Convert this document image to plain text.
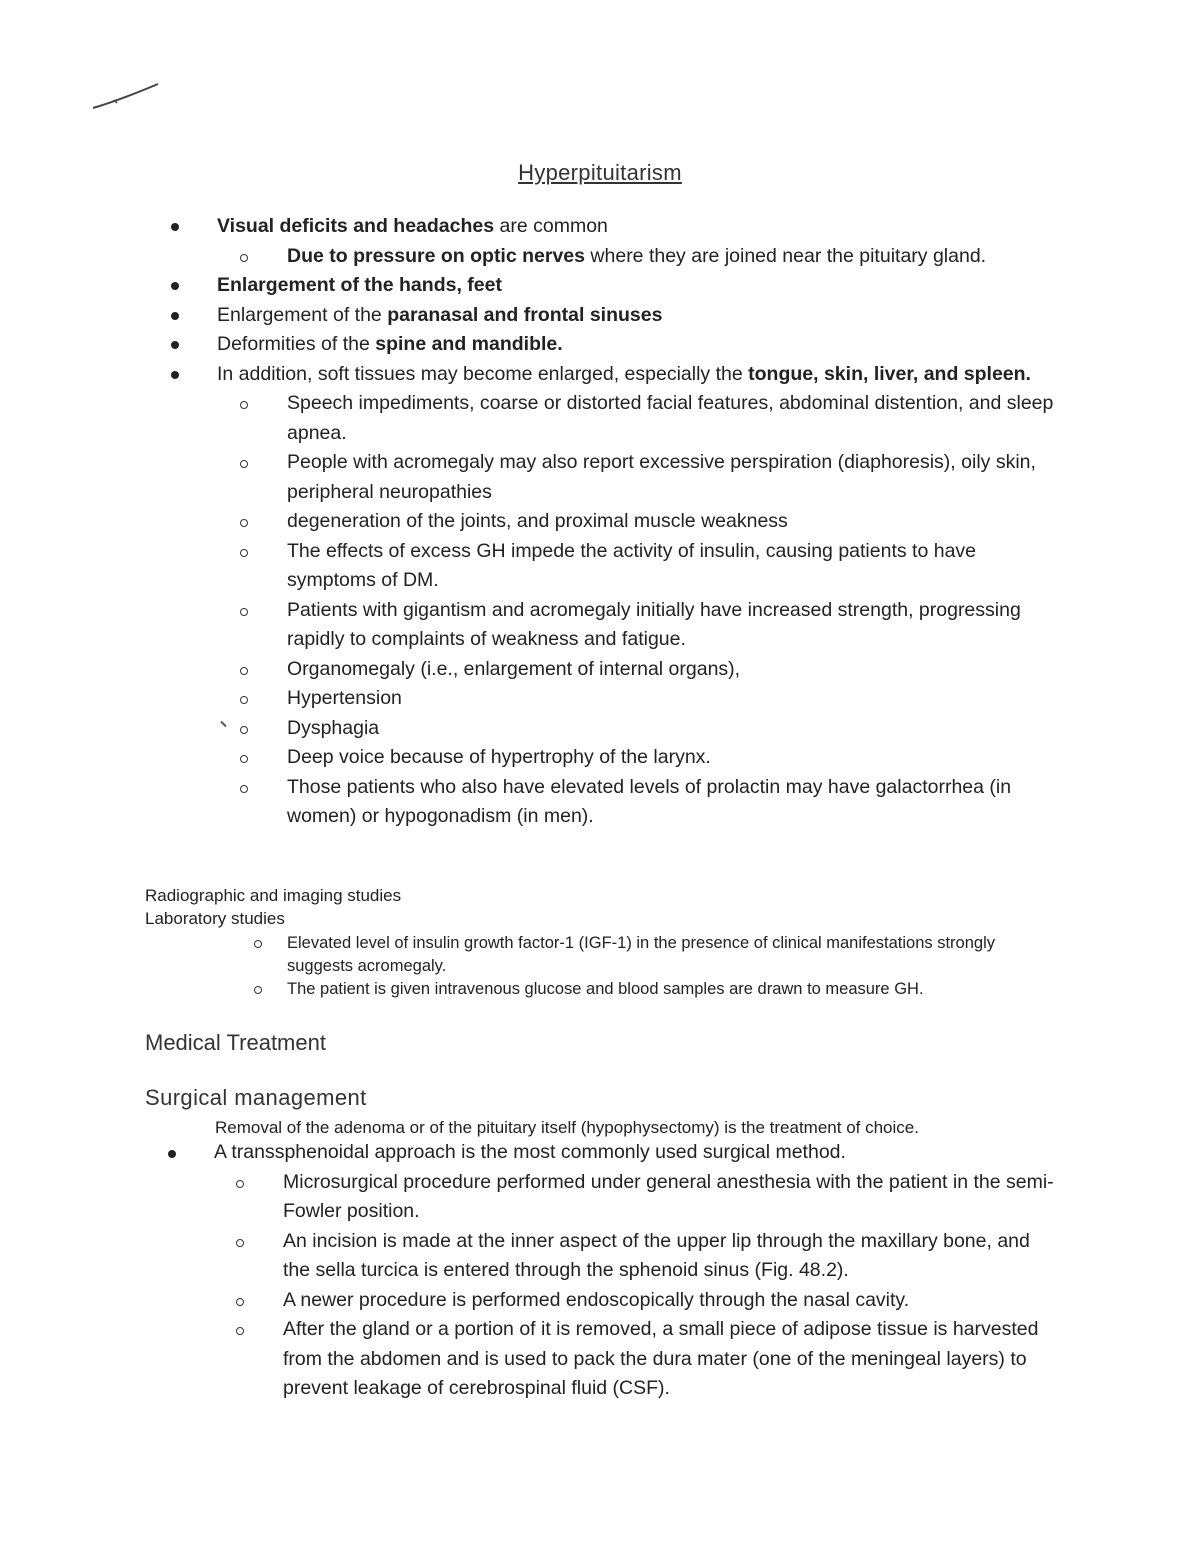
Hyperpituitarism
Visual deficits and headaches are common
Due to pressure on optic nerves where they are joined near the pituitary gland.
Enlargement of the hands, feet
Enlargement of the paranasal and frontal sinuses
Deformities of the spine and mandible.
In addition, soft tissues may become enlarged, especially the tongue, skin, liver, and spleen.
Speech impediments, coarse or distorted facial features, abdominal distention, and sleep apnea.
People with acromegaly may also report excessive perspiration (diaphoresis), oily skin, peripheral neuropathies
degeneration of the joints, and proximal muscle weakness
The effects of excess GH impede the activity of insulin, causing patients to have symptoms of DM.
Patients with gigantism and acromegaly initially have increased strength, progressing rapidly to complaints of weakness and fatigue.
Organomegaly (i.e., enlargement of internal organs),
Hypertension
Dysphagia
Deep voice because of hypertrophy of the larynx.
Those patients who also have elevated levels of prolactin may have galactorrhea (in women) or hypogonadism (in men).
Radiographic and imaging studies
Laboratory studies
Elevated level of insulin growth factor-1 (IGF-1) in the presence of clinical manifestations strongly suggests acromegaly.
The patient is given intravenous glucose and blood samples are drawn to measure GH.
Medical Treatment
Surgical management
Removal of the adenoma or of the pituitary itself (hypophysectomy) is the treatment of choice.
A transsphenoidal approach is the most commonly used surgical method.
Microsurgical procedure performed under general anesthesia with the patient in the semi-Fowler position.
An incision is made at the inner aspect of the upper lip through the maxillary bone, and the sella turcica is entered through the sphenoid sinus (Fig. 48.2).
A newer procedure is performed endoscopically through the nasal cavity.
After the gland or a portion of it is removed, a small piece of adipose tissue is harvested from the abdomen and is used to pack the dura mater (one of the meningeal layers) to prevent leakage of cerebrospinal fluid (CSF).
